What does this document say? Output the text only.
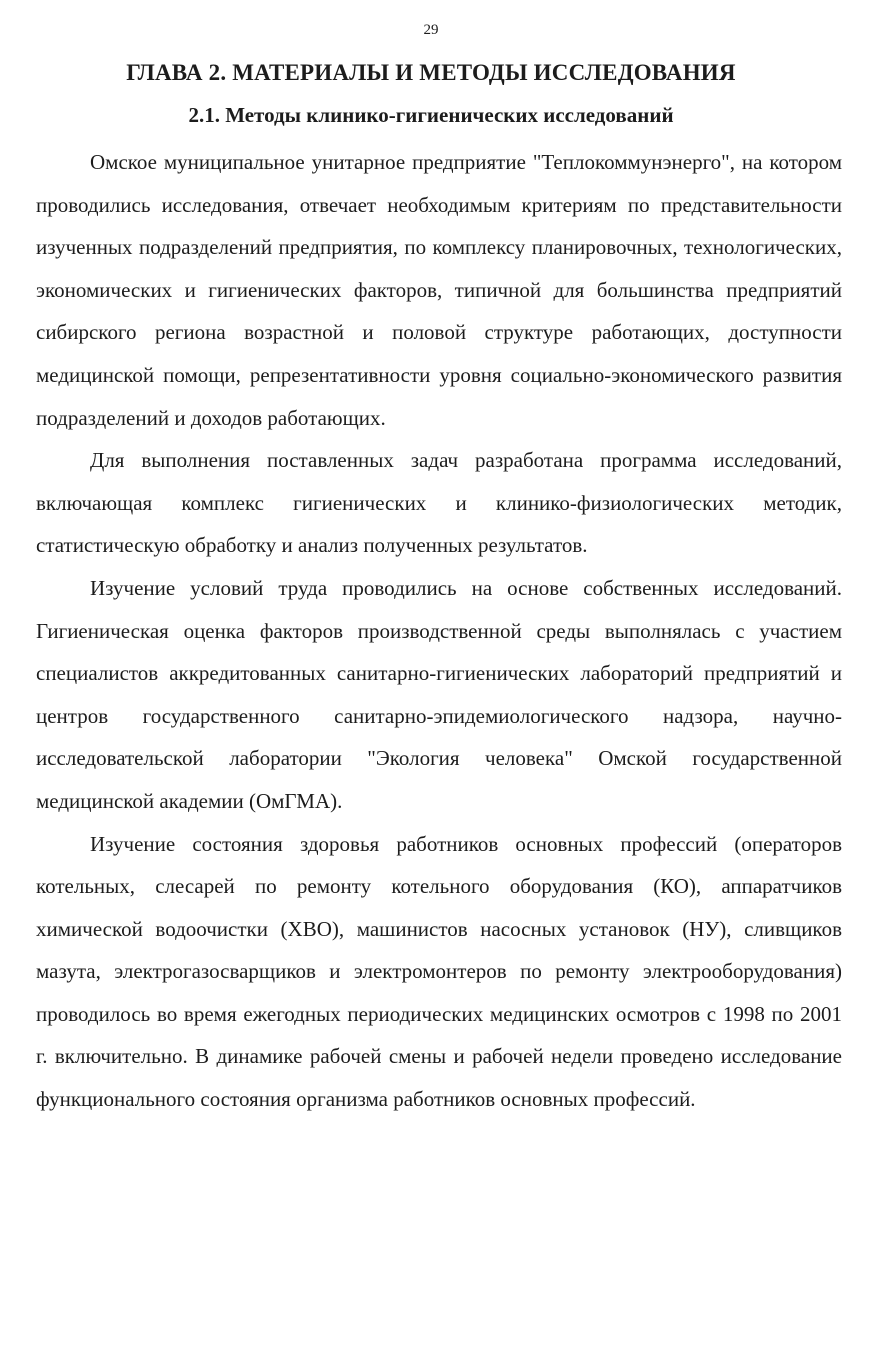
29
ГЛАВА 2. МАТЕРИАЛЫ И МЕТОДЫ ИССЛЕДОВАНИЯ
2.1. Методы клинико-гигиенических исследований

Омское муниципальное унитарное предприятие "Теплокоммунэнерго", на котором проводились исследования, отвечает необходимым критериям по представительности изученных подразделений предприятия, по комплексу планировочных, технологических, экономических и гигиенических факторов, типичной для большинства предприятий сибирского региона возрастной и половой структуре работающих, доступности медицинской помощи, репрезентативности уровня социально-экономического развития подразделений и доходов работающих.

Для выполнения поставленных задач разработана программа исследований, включающая комплекс гигиенических и клинико-физиологических методик, статистическую обработку и анализ полученных результатов.

Изучение условий труда проводились на основе собственных исследований. Гигиеническая оценка факторов производственной среды выполнялась с участием специалистов аккредитованных санитарно-гигиенических лабораторий предприятий и центров государственного санитарно-эпидемиологического надзора, научно-исследовательской лаборатории "Экология человека" Омской государственной медицинской академии (ОмГМА).

Изучение состояния здоровья работников основных профессий (операторов котельных, слесарей по ремонту котельного оборудования (КО), аппаратчиков химической водоочистки (ХВО), машинистов насосных установок (НУ), сливщиков мазута, электрогазосварщиков и электромонтеров по ремонту электрооборудования) проводилось во время ежегодных периодических медицинских осмотров с 1998 по 2001 г. включительно. В динамике рабочей смены и рабочей недели проведено исследование функционального состояния организма работников основных профессий.
